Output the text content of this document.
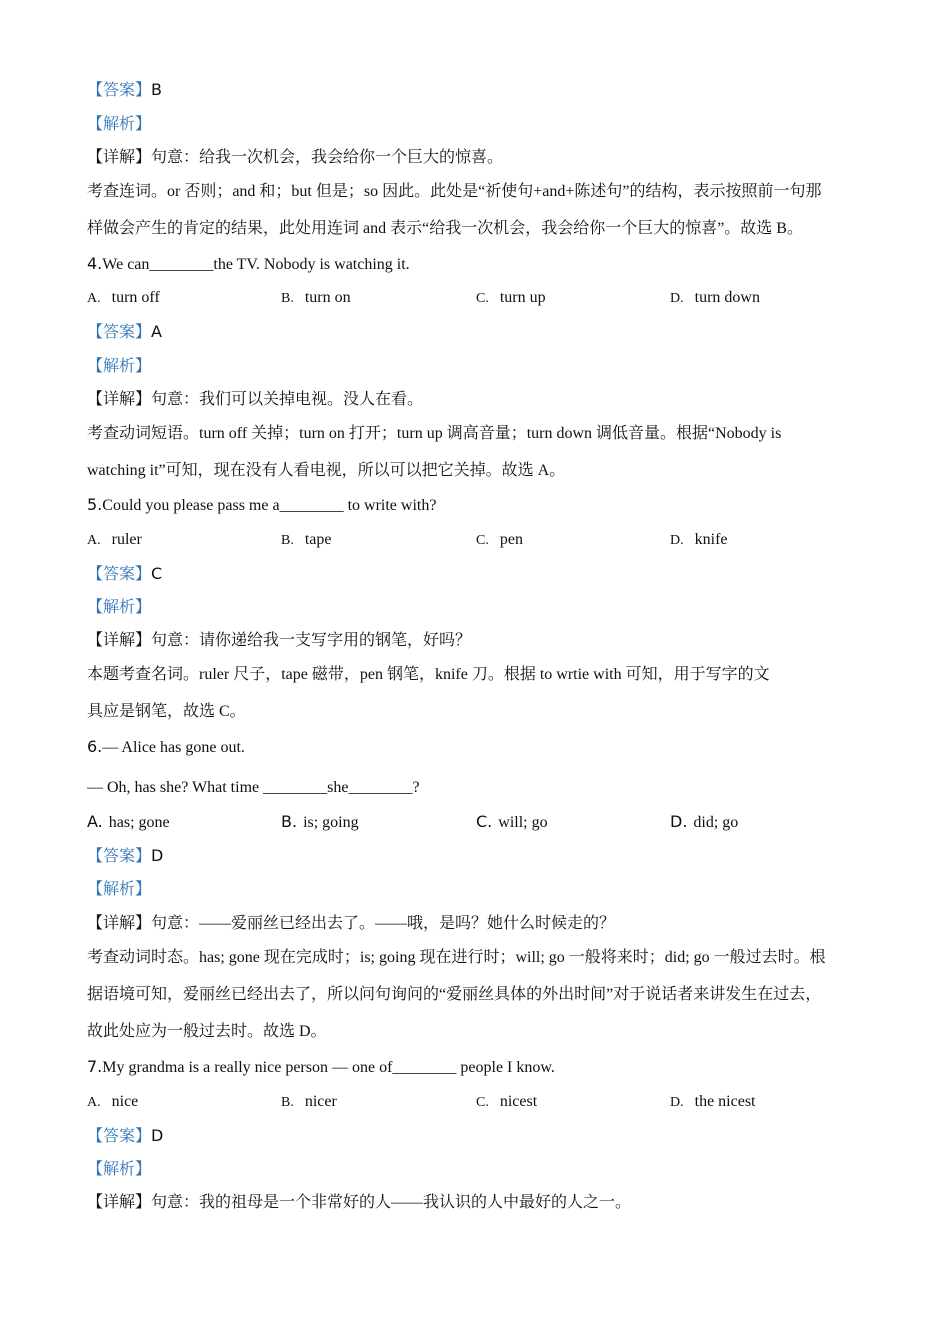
【答案】B
【解析】
【详解】句意：给我一次机会，我会给你一个巨大的惊喜。
考查连词。or 否则；and 和；but 但是；so 因此。此处是“祈使句+and+陈述句”的结构，表示按照前一句那
样做会产生的肯定的结果，此处用连词 and 表示“给我一次机会，我会给你一个巨大的惊喜”。故选 B。
4.We can________the TV. Nobody is watching it.
A. turn off	B. turn on	C. turn up	D. turn down
【答案】A
【解析】
【详解】句意：我们可以关掉电视。没人在看。
考查动词短语。turn off 关掉；turn on 打开；turn up 调高音量；turn down 调低音量。根据“Nobody is
watching it”可知，现在没有人看电视，所以可以把它关掉。故选 A。
5.Could you please pass me a________ to write with?
A. ruler	B. tape	C. pen	D. knife
【答案】C
【解析】
【详解】句意：请你递给我一支写字用的钢笔，好吗？
本题考查名词。ruler 尺子，tape 磁带，pen 钢笔，knife 刀。根据 to wrtie with 可知，用于写字的文
具应是钢笔，故选 C。
6.— Alice has gone out.
— Oh, has she? What time ________she________?
A. has; gone	B. is; going	C. will; go	D. did; go
【答案】D
【解析】
【详解】句意：——爱丽丝已经出去了。——哦，是吗？她什么时候走的？
考查动词时态。has; gone 现在完成时；is; going 现在进行时；will; go 一般将来时；did; go 一般过去时。根
据语境可知，爱丽丝已经出去了，所以问句询问的“爱丽丝具体的外出时间”对于说话者来讲发生在过去，
故此处应为一般过去时。故选 D。
7.My grandma is a really nice person — one of________ people I know.
A. nice	B. nicer	C. nicest	D. the nicest
【答案】D
【解析】
【详解】句意：我的祖母是一个非常好的人——我认识的人中最好的人之一。
